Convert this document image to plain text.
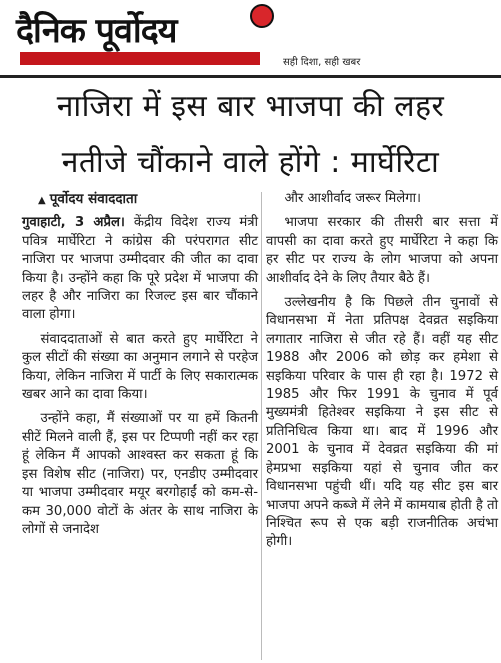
दैनिक पूर्वोदय
सही दिशा, सही खबर
नाजिरा में इस बार भाजपा की लहर
नतीजे चौंकाने वाले होंगे : मार्घेरिटा
▲ पूर्वोदय संवाददाता

गुवाहाटी, 3 अप्रैल। केंद्रीय विदेश राज्य मंत्री पवित्र मार्घेरिटा ने कांग्रेस की परंपरागत सीट नाजिरा पर भाजपा उम्मीदवार की जीत का दावा किया है। उन्होंने कहा कि पूरे प्रदेश में भाजपा की लहर है और नाजिरा का रिजल्ट इस बार चौंकाने वाला होगा।

संवाददाताओं से बात करते हुए मार्घेरिटा ने कुल सीटों की संख्या का अनुमान लगाने से परहेज किया, लेकिन नाजिरा में पार्टी के लिए सकारात्मक खबर आने का दावा किया।

उन्होंने कहा, मैं संख्याओं पर या हमें कितनी सीटें मिलने वाली हैं, इस पर टिप्पणी नहीं कर रहा हूं लेकिन मैं आपको आश्वस्त कर सकता हूं कि इस विशेष सीट (नाजिरा) पर, एनडीए उम्मीदवार या भाजपा उम्मीदवार मयूर बरगोहाईं को कम-से-कम 30,000 वोटों के अंतर के साथ नाजिरा के लोगों से जनादेश

और आशीर्वाद जरूर मिलेगा।

भाजपा सरकार की तीसरी बार सत्ता में वापसी का दावा करते हुए मार्घेरिटा ने कहा कि हर सीट पर राज्य के लोग भाजपा को अपना आशीर्वाद देने के लिए तैयार बैठे हैं।

उल्लेखनीय है कि पिछले तीन चुनावों से विधानसभा में नेता प्रतिपक्ष देवव्रत सइकिया लगातार नाजिरा से जीत रहे हैं। वहीं यह सीट 1988 और 2006 को छोड़ कर हमेशा से सइकिया परिवार के पास ही रहा है। 1972 से 1985 और फिर 1991 के चुनाव में पूर्व मुख्यमंत्री हितेश्वर सइकिया ने इस सीट से प्रतिनिधित्व किया था। बाद में 1996 और 2001 के चुनाव में देवव्रत सइकिया की मां हेमप्रभा सइकिया यहां से चुनाव जीत कर विधानसभा पहुंची थीं। यदि यह सीट इस बार भाजपा अपने कब्जे में लेने में कामयाब होती है तो निश्चित रूप से एक बड़ी राजनीतिक अचंभा होगी।
